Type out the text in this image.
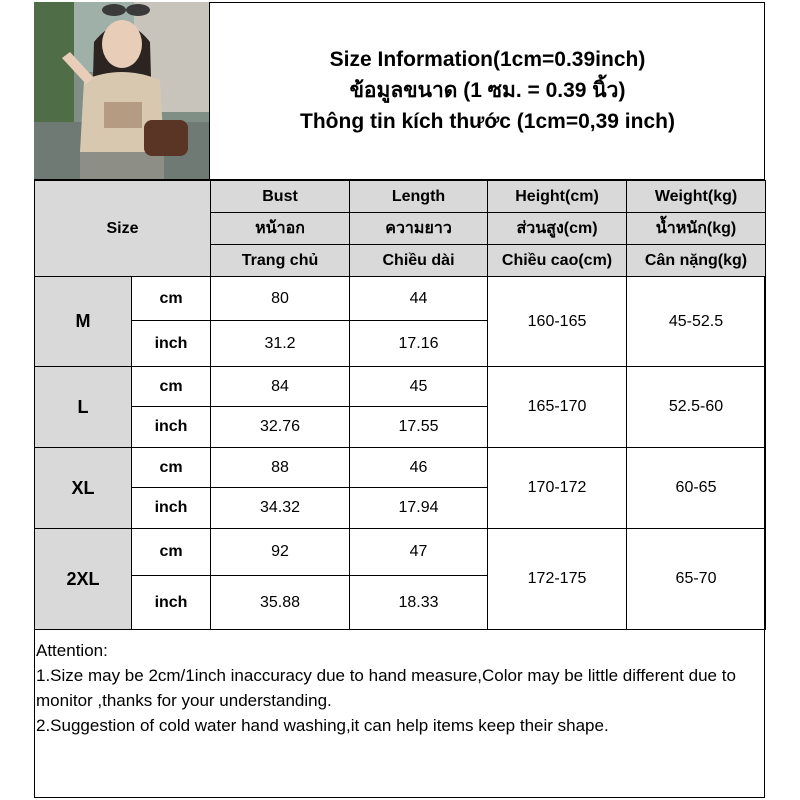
Size Information(1cm=0.39inch)
ข้อมูลขนาด (1 ซม. = 0.39 นิ้ว)
Thông tin kích thước (1cm=0,39 inch)
Size		Bust	Length	Height(cm)	Weight(kg)
		หน้าอก	ความยาว	ส่วนสูง(cm)	น้ำหนัก(kg)
		Trang chủ	Chiều dài	Chiều cao(cm)	Cân nặng(kg)
M	cm	80	44	160-165	45-52.5
	inch	31.2	17.16		
L	cm	84	45	165-170	52.5-60
	inch	32.76	17.55		
XL	cm	88	46	170-172	60-65
	inch	34.32	17.94		
2XL	cm	92	47	172-175	65-70
	inch	35.88	18.33		
Attention:
1.Size may be 2cm/1inch inaccuracy due to hand measure,Color may be little different due to monitor ,thanks for your understanding.
2.Suggestion of cold water hand washing,it can help items keep their shape.
